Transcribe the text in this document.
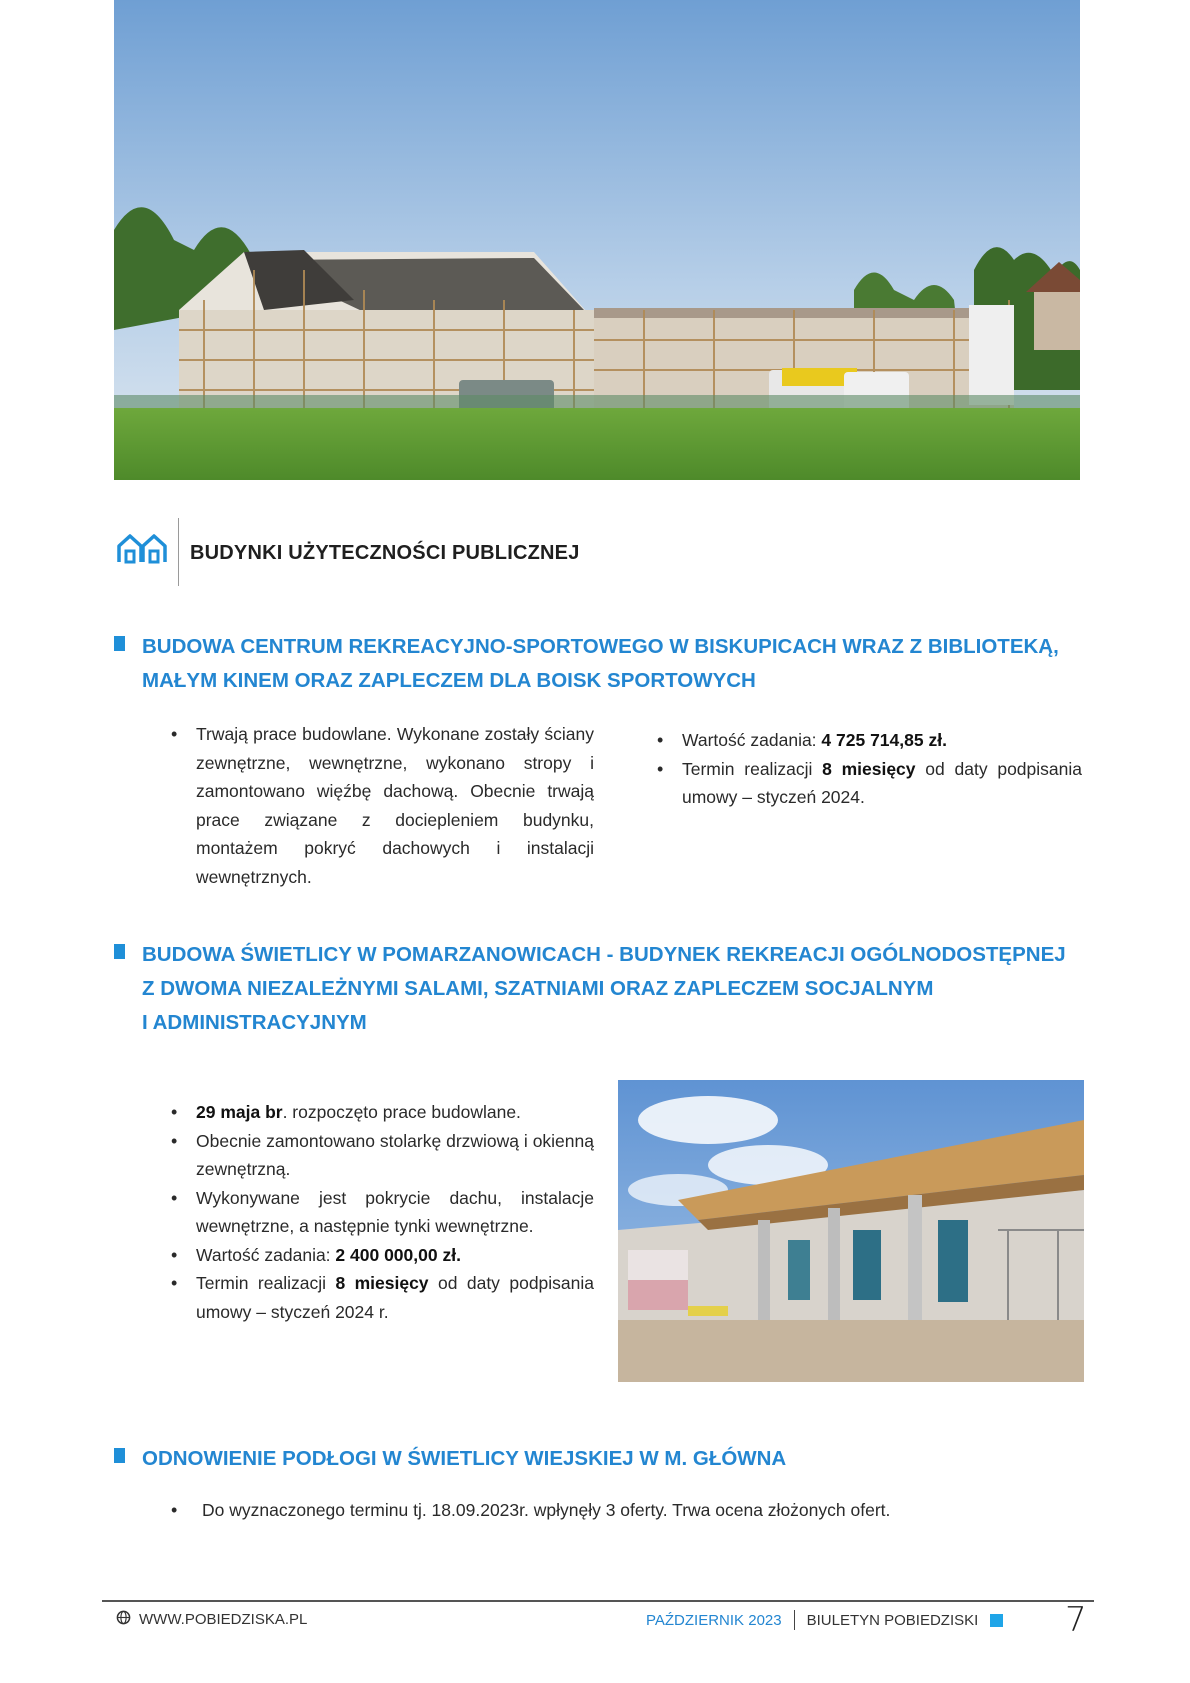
BUDYNKI UŻYTECZNOŚCI PUBLICZNEJ
BUDOWA CENTRUM REKREACYJNO-SPORTOWEGO W BISKUPICACH WRAZ Z BIBLIOTEKĄ,
MAŁYM KINEM ORAZ ZAPLECZEM DLA BOISK SPORTOWYCH
• Trwają prace budowlane. Wykonane zostały ściany zewnętrzne, wewnętrzne, wykonano stropy i zamontowano więźbę dachową. Obecnie trwają prace związane z dociepleniem budynku, montażem pokryć dachowych i instalacji wewnętrznych.
• Wartość zadania: 4 725 714,85 zł.
• Termin realizacji 8 miesięcy od daty podpisania umowy – styczeń 2024.
BUDOWA ŚWIETLICY W POMARZANOWICACH - BUDYNEK REKREACJI OGÓLNODOSTĘPNEJ
Z DWOMA NIEZALEŻNYMI SALAMI, SZATNIAMI ORAZ ZAPLECZEM SOCJALNYM
I ADMINISTRACYJNYM
• 29 maja br. rozpoczęto prace budowlane.
• Obecnie zamontowano stolarkę drzwiową i okienną zewnętrzną.
• Wykonywane jest pokrycie dachu, instalacje wewnętrzne, a następnie tynki wewnętrzne.
• Wartość zadania: 2 400 000,00 zł.
• Termin realizacji 8 miesięcy od daty podpisania umowy – styczeń 2024 r.
ODNOWIENIE PODŁOGI W ŚWIETLICY WIEJSKIEJ W M. GŁÓWNA
• Do wyznaczonego terminu tj. 18.09.2023r. wpłynęły 3 oferty. Trwa ocena złożonych ofert.
WWW.POBIEDZISKA.PL	PAŹDZIERNIK 2023 BIULETYN POBIEDZISKI	7
